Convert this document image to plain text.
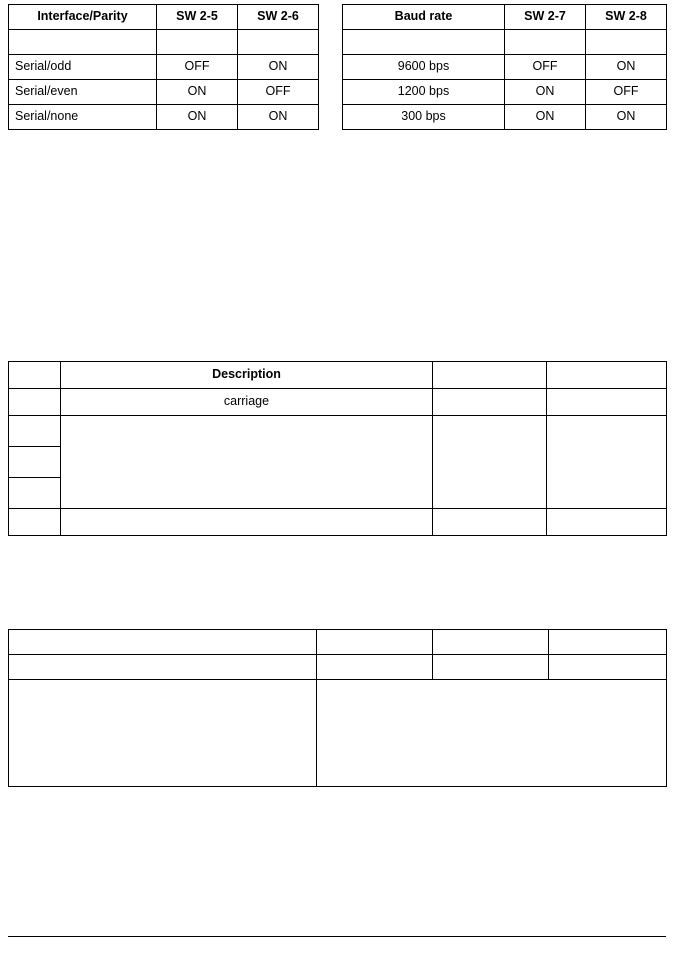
Interface/Parity	SW 2-5	SW 2-6

Serial/odd	OFF	ON
Serial/even	ON	OFF
Serial/none	ON	ON
Baud rate	SW 2-7	SW 2-8

9600 bps	OFF	ON
1200 bps	ON	OFF
300 bps	ON	ON
	Description		
	carriage		
